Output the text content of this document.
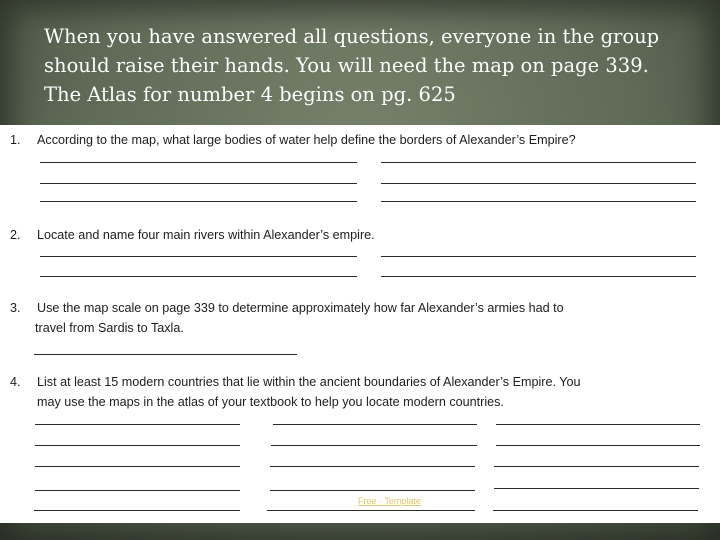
When you have answered all questions, everyone in the group should raise their hands. You will need the map on page 339. The Atlas for number 4 begins on pg. 625

1. According to the map, what large bodies of water help define the borders of Alexander’s Empire?
2. Locate and name four main rivers within Alexander’s empire.
3. Use the map scale on page 339 to determine approximately how far Alexander’s armies had to
travel from Sardis to Taxla.
4. List at least 15 modern countries that lie within the ancient boundaries of Alexander’s Empire. You
may use the maps in the atlas of your textbook to help you locate modern countries.
Free · Template
